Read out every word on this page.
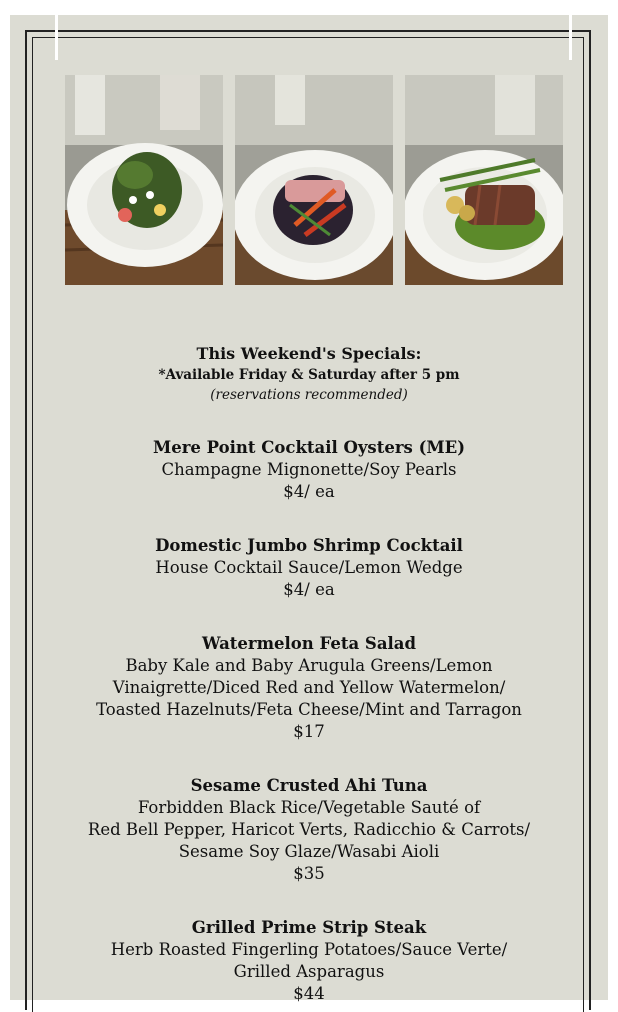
This Weekend's Specials:
*Available Friday & Saturday after 5 pm
(reservations recommended)
Mere Point Cocktail Oysters (ME)
Champagne Mignonette/Soy Pearls
$4/ ea
Domestic Jumbo Shrimp Cocktail
House Cocktail Sauce/Lemon Wedge
$4/ ea
Watermelon Feta Salad
Baby Kale and Baby Arugula Greens/Lemon
Vinaigrette/Diced Red and Yellow Watermelon/
Toasted Hazelnuts/Feta Cheese/Mint and Tarragon
$17
Sesame Crusted Ahi Tuna
Forbidden Black Rice/Vegetable Sauté of
Red Bell Pepper, Haricot Verts, Radicchio & Carrots/
Sesame Soy Glaze/Wasabi Aioli
$35
Grilled Prime Strip Steak
Herb Roasted Fingerling Potatoes/Sauce Verte/
Grilled Asparagus
$44
